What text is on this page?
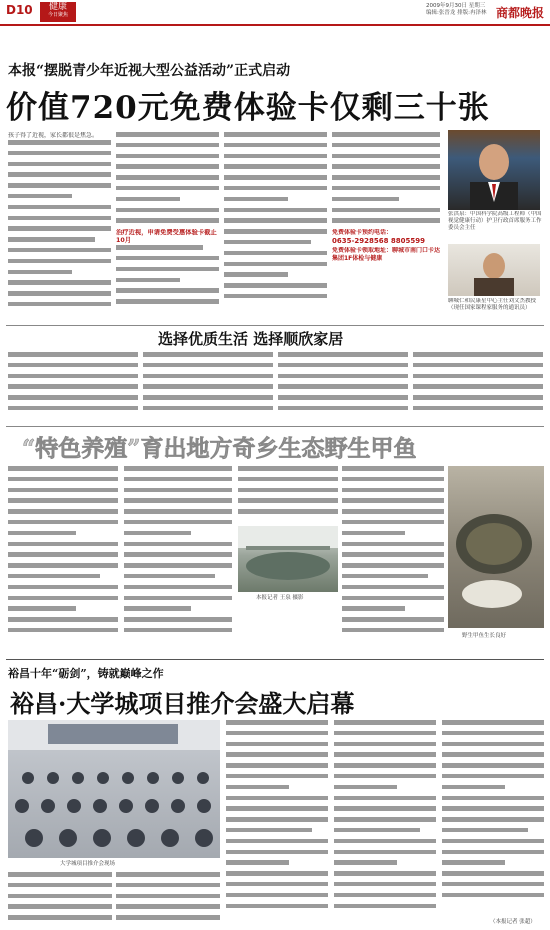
D10	健康
今日聚焦
2009年9月30日 星期三
编辑:张晋龙 排版:冉泽林 商都晚报
本报“摆脱青少年近视大型公益活动”正式启动
价值720元免费体验卡仅剩三十张
孩子得了近视，家长都很是焦急。
治疗近视，申请免费受惠体验卡截止10月
免费体验卡预约电话：
0635-2928568 8805599
免费体验卡领取地址：聊城市南门口卡达集团1F体检与健康
张洪泉：中国科学院高级工程师（中国视觉健康行动）护卫行政首席服务工作委员会主任
聊城仁和民康星中心主任刘文杰教授（现任国家课程家服务的通讯员）
选择优质生活 选择顺欣家居
“特色养殖”育出地方奇乡生态野生甲鱼
本报记者 王泉 摄影
野生甲鱼生长良好
裕昌十年“砺剑”，铸就巅峰之作
裕昌·大学城项目推介会盛大启幕
大学城项目推介会现场
（本报记者 张超）
